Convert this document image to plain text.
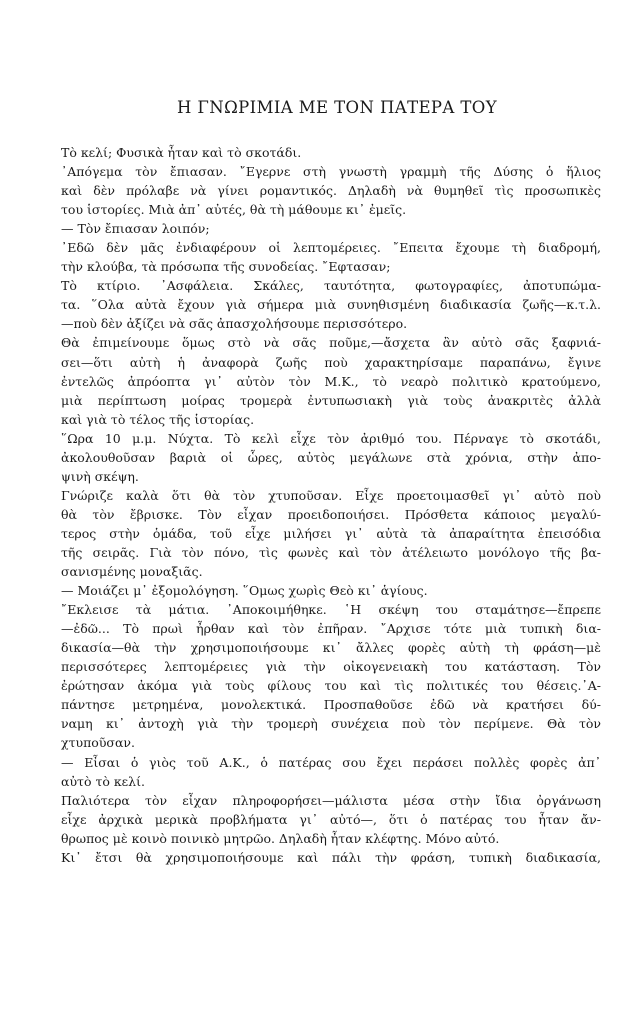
Η ΓΝΩΡΙΜΙΑ ΜΕ ΤΟΝ ΠΑΤΕΡΑ ΤΟΥ
Τὸ κελί; Φυσικὰ ἦταν καὶ τὸ σκοτάδι.
᾽Απόγεμα τὸν ἔπιασαν. ῎Εγερνε στὴ γνωστὴ γραμμὴ τῆς Δύσης ὁ ἥλιος
καὶ δὲν πρόλαβε νὰ γίνει ρομαντικός. Δηλαδὴ νὰ θυμηθεῖ τὶς προσωπικὲς
του ἱστορίες. Μιὰ ἀπ᾽ αὐτές, θὰ τὴ μάθουμε κι᾽ ἐμεῖς.
— Τὸν ἔπιασαν λοιπόν;
᾽Εδῶ δὲν μᾶς ἐνδιαφέρουν οἱ λεπτομέρειες. ῎Επειτα ἔχουμε τὴ διαδρομή,
τὴν κλούβα, τὰ πρόσωπα τῆς συνοδείας. ῎Εφτασαν;
Τὸ κτίριο. ᾽Ασφάλεια. Σκάλες, ταυτότητα, φωτογραφίες, ἀποτυπώμα-
τα. ῞Ολα αὐτὰ ἔχουν γιὰ σήμερα μιὰ συνηθισμένη διαδικασία ζωῆς—κ.τ.λ.
—ποὺ δὲν ἀξίζει νὰ σᾶς ἀπασχολήσουμε περισσότερο.
Θὰ ἐπιμείνουμε ὅμως στὸ νὰ σᾶς ποῦμε,—ἄσχετα ἂν αὐτὸ σᾶς ξαφνιά-
σει—ὅτι αὐτὴ ἡ ἀναφορὰ ζωῆς ποὺ χαρακτηρίσαμε παραπάνω, ἔγινε
ἐντελῶς ἀπρόοπτα γι᾽ αὐτὸν τὸν Μ.Κ., τὸ νεαρὸ πολιτικὸ κρατούμενο,
μιὰ περίπτωση μοίρας τρομερὰ ἐντυπωσιακὴ γιὰ τοὺς ἀνακριτὲς ἀλλὰ
καὶ γιὰ τὸ τέλος τῆς ἱστορίας.
῞Ωρα 10 μ.μ. Νύχτα. Τὸ κελὶ εἶχε τὸν ἀριθμό του. Πέρναγε τὸ σκοτάδι,
ἀκολουθοῦσαν βαριὰ οἱ ὧρες, αὐτὸς μεγάλωνε στὰ χρόνια, στὴν ἀπο-
ψινὴ σκέψη.
Γνώριζε καλὰ ὅτι θὰ τὸν χτυποῦσαν. Εἶχε προετοιμασθεῖ γι᾽ αὐτὸ ποὺ
θὰ τὸν ἔβρισκε. Τὸν εἶχαν προειδοποιήσει. Πρόσθετα κάποιος μεγαλύ-
τερος στὴν ὁμάδα, τοῦ εἶχε μιλήσει γι᾽ αὐτὰ τὰ ἀπαραίτητα ἐπεισόδια
τῆς σειρᾶς. Γιὰ τὸν πόνο, τὶς φωνὲς καὶ τὸν ἀτέλειωτο μονόλογο τῆς βα-
σανισμένης μοναξιᾶς.
— Μοιάζει μ᾽ ἐξομολόγηση. ῞Ομως χωρὶς Θεὸ κι᾽ ἁγίους.
῎Εκλεισε τὰ μάτια. ᾽Αποκοιμήθηκε. ῾Η σκέψη του σταμάτησε—ἔπρεπε
—ἐδῶ... Τὸ πρωὶ ἦρθαν καὶ τὸν ἐπῆραν. ῎Αρχισε τότε μιὰ τυπικὴ δια-
δικασία—θὰ τὴν χρησιμοποιήσουμε κι᾽ ἄλλες φορὲς αὐτὴ τὴ φράση—μὲ
περισσότερες λεπτομέρειες γιὰ τὴν οἰκογενειακὴ του κατάσταση. Τὸν
ἐρώτησαν ἀκόμα γιὰ τοὺς φίλους του καὶ τὶς πολιτικές του θέσεις.᾽Α-
πάντησε μετρημένα, μονολεκτικά. Προσπαθοῦσε ἐδῶ νὰ κρατήσει δύ-
ναμη κι᾽ ἀντοχὴ γιὰ τὴν τρομερὴ συνέχεια ποὺ τὸν περίμενε. Θὰ τὸν
χτυποῦσαν.
— Εἶσαι ὁ γιὸς τοῦ Α.Κ., ὁ πατέρας σου ἔχει περάσει πολλὲς φορὲς ἀπ᾽
αὐτὸ τὸ κελί.
Παλιότερα τὸν εἶχαν πληροφορήσει—μάλιστα μέσα στὴν ἴδια ὀργάνωση
εἶχε ἀρχικὰ μερικὰ προβλήματα γι᾽ αὐτό—, ὅτι ὁ πατέρας του ἦταν ἄν-
θρωπος μὲ κοινὸ ποινικὸ μητρῶο. Δηλαδὴ ἦταν κλέφτης. Μόνο αὐτό.
Κι᾽ ἔτσι θὰ χρησιμοποιήσουμε καὶ πάλι τὴν φράση, τυπικὴ διαδικασία,
